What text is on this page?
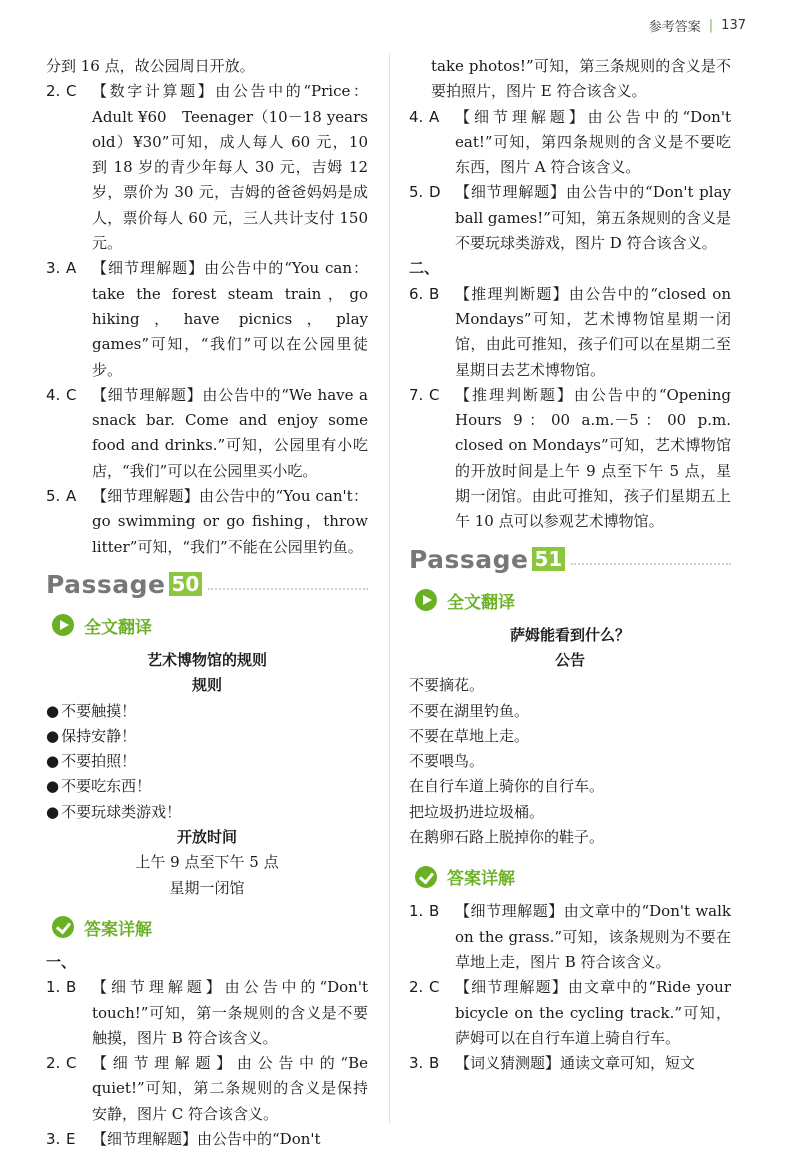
参考答案 | 137

分到 16 点，故公园周日开放。

2. C	【数字计算题】由公告中的“Price：Adult ¥60　Teenager（10－18 years old）¥30”可知，成人每人 60 元，10 到 18 岁的青少年每人 30 元，吉姆 12 岁，票价为 30 元，吉姆的爸爸妈妈是成人，票价每人 60 元，三人共计支付 150 元。
3. A	【细节理解题】由公告中的“You can：take the forest steam train，go hiking，have picnics，play games”可知，“我们”可以在公园里徒步。
4. C	【细节理解题】由公告中的“We have a snack bar. Come and enjoy some food and drinks.”可知，公园里有小吃店，“我们”可以在公园里买小吃。
5. A	【细节理解题】由公告中的“You can't：go swimming or go fishing，throw litter”可知，“我们”不能在公园里钓鱼。
Passage 50
全文翻译
艺术博物馆的规则
规则
● 不要触摸！
● 保持安静！
● 不要拍照！
● 不要吃东西！
● 不要玩球类游戏！
开放时间
上午 9 点至下午 5 点
星期一闭馆
答案详解
一、
1. B	【细节理解题】由公告中的“Don't touch!”可知，第一条规则的含义是不要触摸，图片 B 符合该含义。
2. C	【细节理解题】由公告中的“Be quiet!”可知，第二条规则的含义是保持安静，图片 C 符合该含义。
3. E	【细节理解题】由公告中的“Don't

take photos!”可知，第三条规则的含义是不要拍照片，图片 E 符合该含义。

4. A	【细节理解题】由公告中的“Don't eat!”可知，第四条规则的含义是不要吃东西，图片 A 符合该含义。
5. D 【细节理解题】由公告中的“Don't play ball games!”可知，第五条规则的含义是不要玩球类游戏，图片 D 符合该含义。
二、
6. B	【推理判断题】由公告中的“closed on Mondays”可知，艺术博物馆星期一闭馆，由此可推知，孩子们可以在星期二至星期日去艺术博物馆。
7. C	【推理判断题】由公告中的“Opening Hours 9：00 a.m.－5：00 p.m. closed on Mondays”可知，艺术博物馆的开放时间是上午 9 点至下午 5 点，星期一闭馆。由此可推知，孩子们星期五上午 10 点可以参观艺术博物馆。
Passage 51
全文翻译
萨姆能看到什么？
公告
不要摘花。
不要在湖里钓鱼。
不要在草地上走。
不要喂鸟。
在自行车道上骑你的自行车。
把垃圾扔进垃圾桶。
在鹅卵石路上脱掉你的鞋子。
答案详解
1. B	【细节理解题】由文章中的“Don't walk on the grass.”可知，该条规则为不要在草地上走，图片 B 符合该含义。
2. C	【细节理解题】由文章中的“Ride your bicycle on the cycling track.”可知，萨姆可以在自行车道上骑自行车。
3. B	【词义猜测题】通读文章可知，短文
